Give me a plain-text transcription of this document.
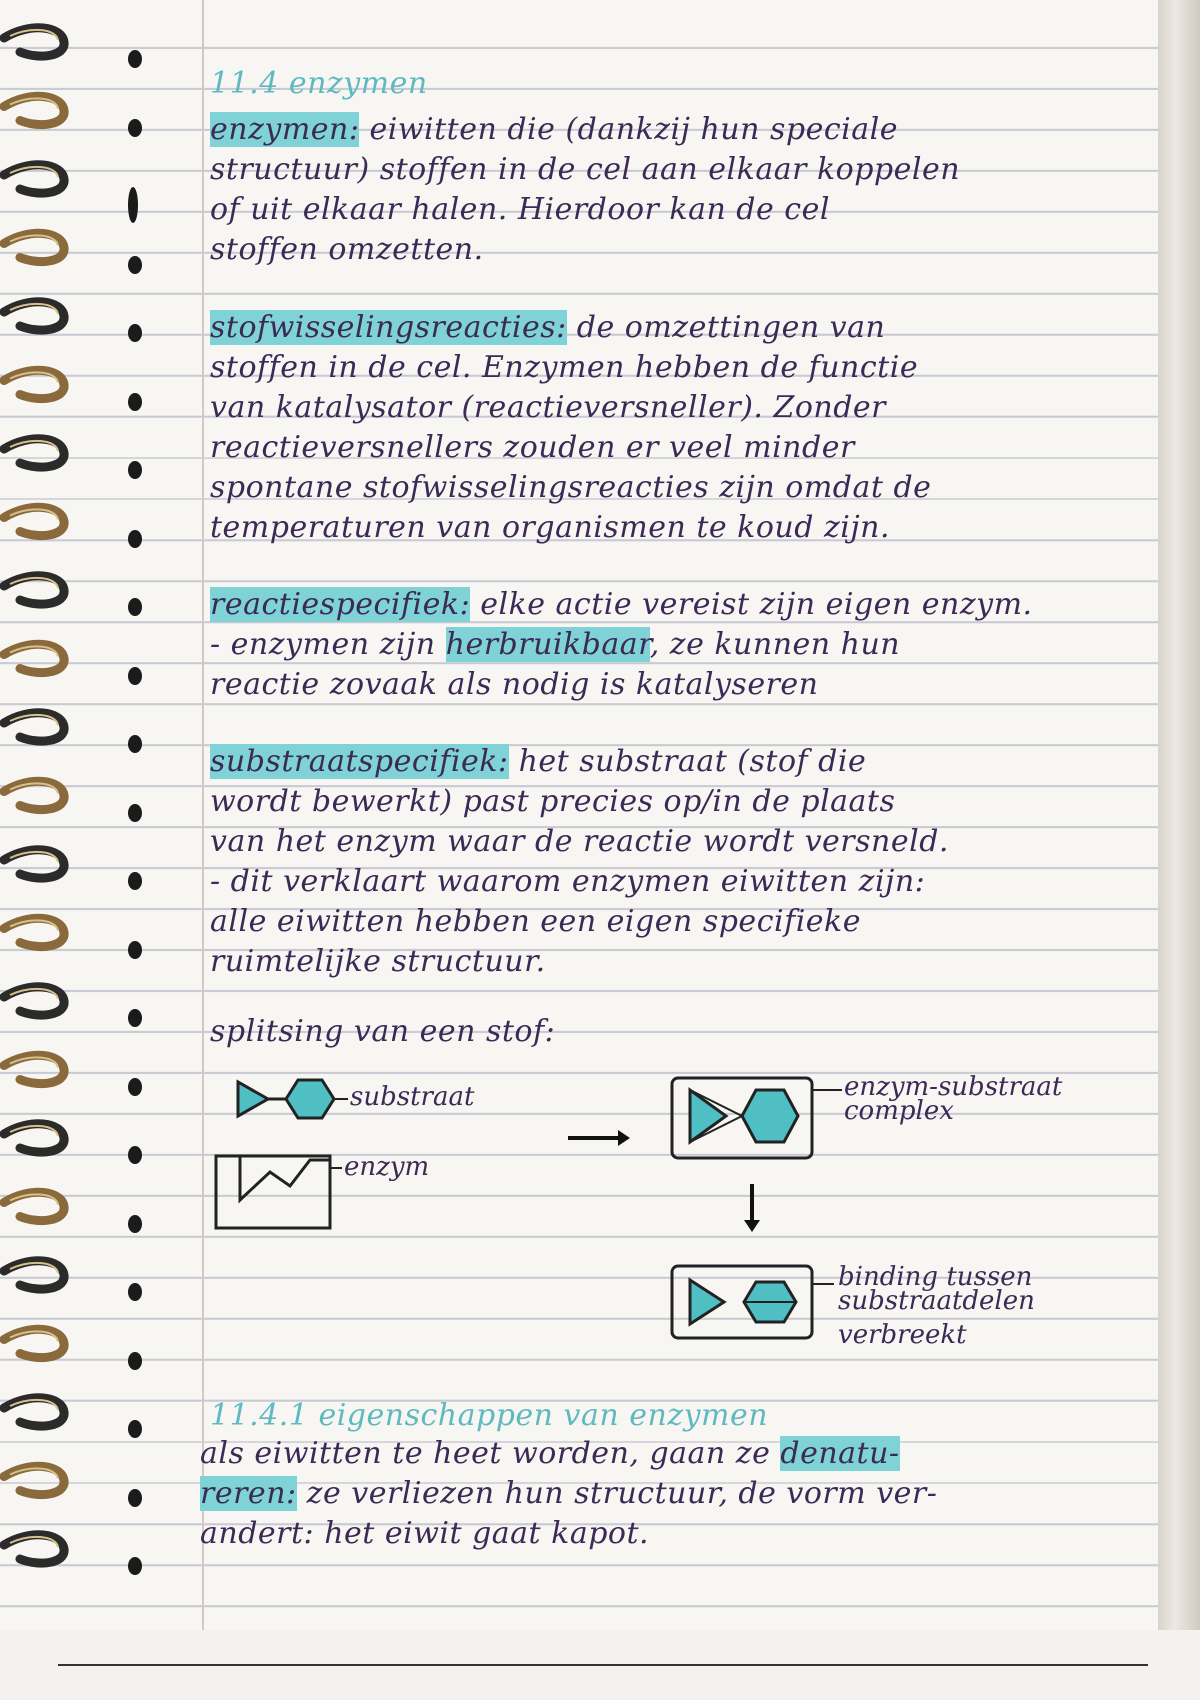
11.4 enzymen
enzymen: eiwitten die (dankzij hun speciale
structuur) stoffen in de cel aan elkaar koppelen
of uit elkaar halen. Hierdoor kan de cel
stoffen omzetten.
stofwisselingsreacties: de omzettingen van
stoffen in de cel. Enzymen hebben de functie
van katalysator (reactieversneller). Zonder
reactieversnellers zouden er veel minder
spontane stofwisselingsreacties zijn omdat de
temperaturen van organismen te koud zijn.
reactiespecifiek: elke actie vereist zijn eigen enzym.
- enzymen zijn herbruikbaar, ze kunnen hun
reactie zovaak als nodig is katalyseren
substraatspecifiek: het substraat (stof die
wordt bewerkt) past precies op/in de plaats
van het enzym waar de reactie wordt versneld.
- dit verklaart waarom enzymen eiwitten zijn:
alle eiwitten hebben een eigen specifieke
ruimtelijke structuur.
splitsing van een stof:
substraat
enzym
enzym-substraat
complex
binding tussen
substraatdelen
verbreekt
11.4.1 eigenschappen van enzymen
als eiwitten te heet worden, gaan ze denatu-
reren: ze verliezen hun structuur, de vorm ver-
andert: het eiwit gaat kapot.
